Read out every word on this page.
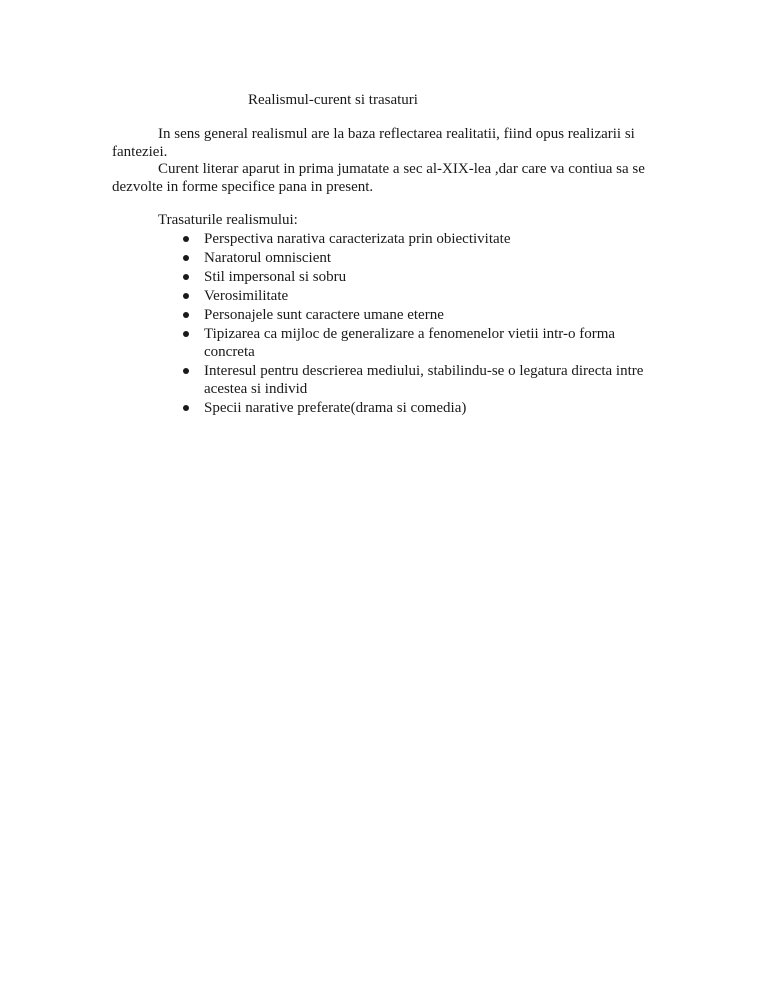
Realismul-curent si trasaturi

In sens general realismul are la baza reflectarea realitatii, fiind opus realizarii si fanteziei.

Curent literar aparut in prima jumatate a sec al-XIX-lea ,dar care va contiua sa se dezvolte in forme specifice pana in present.

Trasaturile realismului:
Perspectiva narativa caracterizata prin obiectivitate
Naratorul omniscient
Stil impersonal si sobru
Verosimilitate
Personajele sunt caractere umane eterne
Tipizarea ca mijloc de generalizare a fenomenelor vietii intr-o forma concreta
Interesul pentru descrierea mediului, stabilindu-se o legatura directa intre acestea si individ
Specii narative preferate(drama si comedia)
